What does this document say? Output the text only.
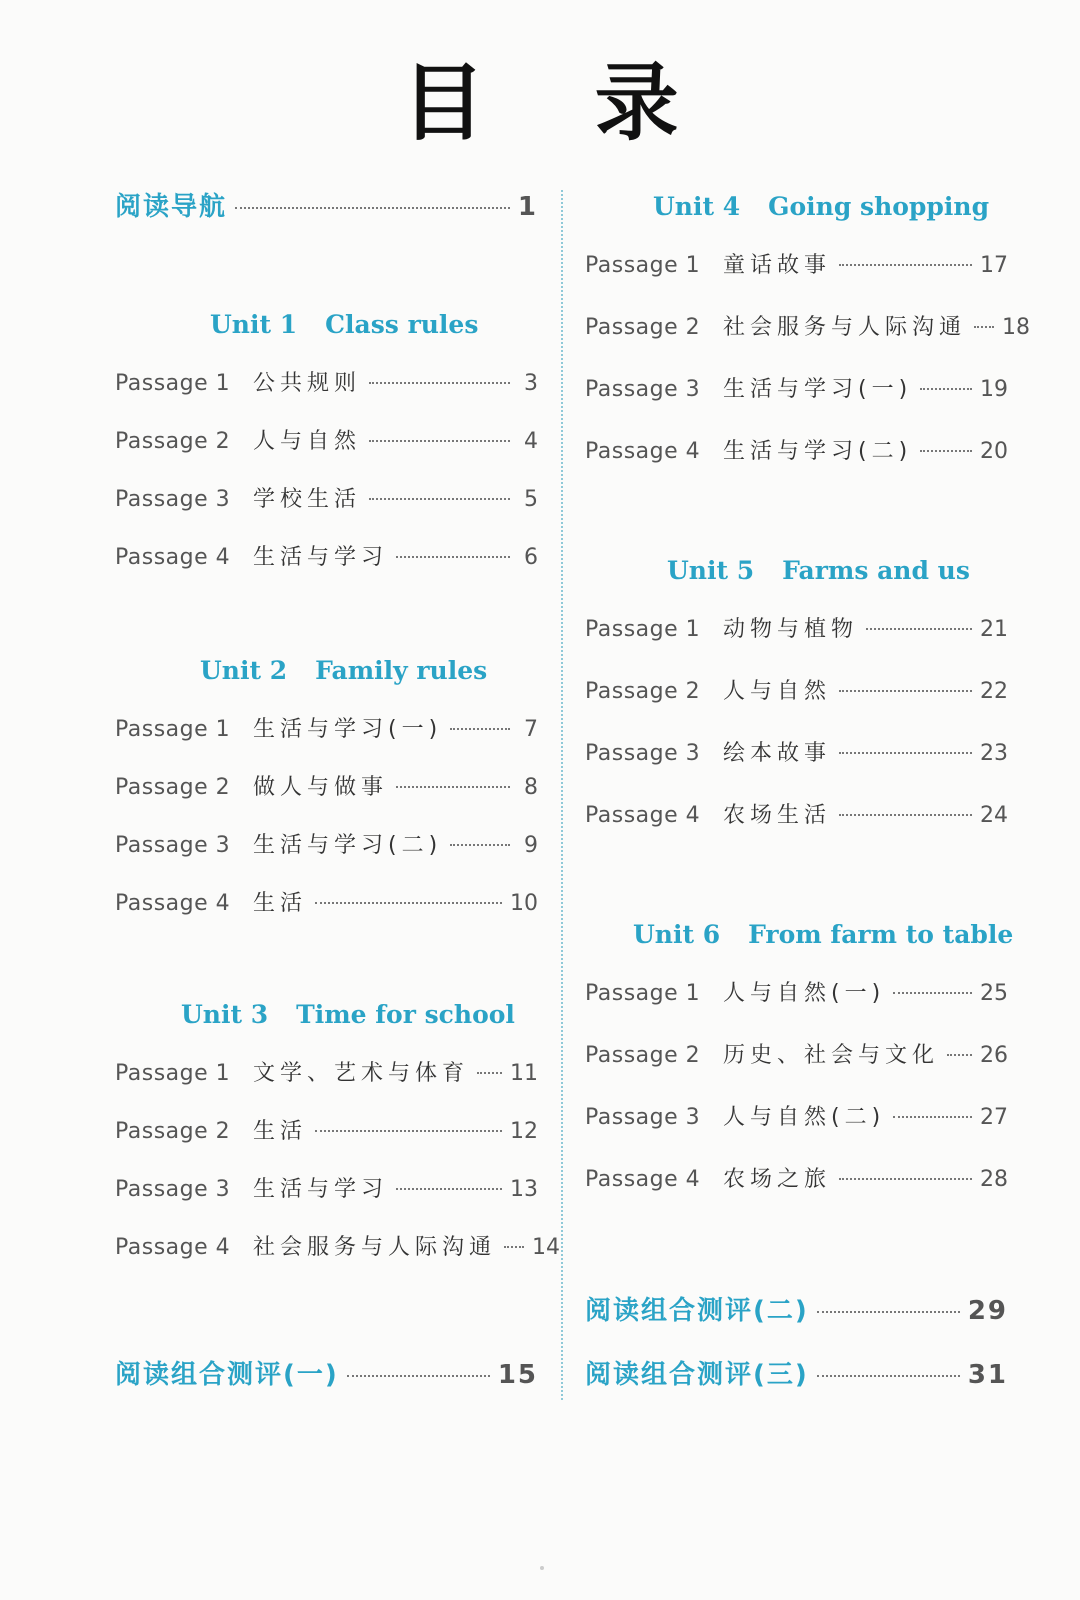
目 录
阅读导航	1
Unit 1 Class rules
Passage 1	公共规则	3
Passage 2	人与自然	4
Passage 3	学校生活	5
Passage 4	生活与学习	6
Unit 2 Family rules
Passage 1	生活与学习(一)	7
Passage 2	做人与做事	8
Passage 3	生活与学习(二)	9
Passage 4	生活	10
Unit 3 Time for school
Passage 1	文学、艺术与体育 11
Passage 2	生活	12
Passage 3	生活与学习	13
Passage 4	社会服务与人际沟通 14
阅读组合测评(一)	15
Unit 4 Going shopping
Passage 1	童话故事	17
Passage 2	社会服务与人际沟通 18
Passage 3	生活与学习(一)	19
Passage 4	生活与学习(二)	20
Unit 5 Farms and us
Passage 1	动物与植物	21
Passage 2	人与自然	22
Passage 3	绘本故事	23
Passage 4	农场生活	24
Unit 6 From farm to table
Passage 1	人与自然(一)	25
Passage 2	历史、社会与文化 26
Passage 3	人与自然(二)	27
Passage 4	农场之旅	28
阅读组合测评(二)	29
阅读组合测评(三)	31
